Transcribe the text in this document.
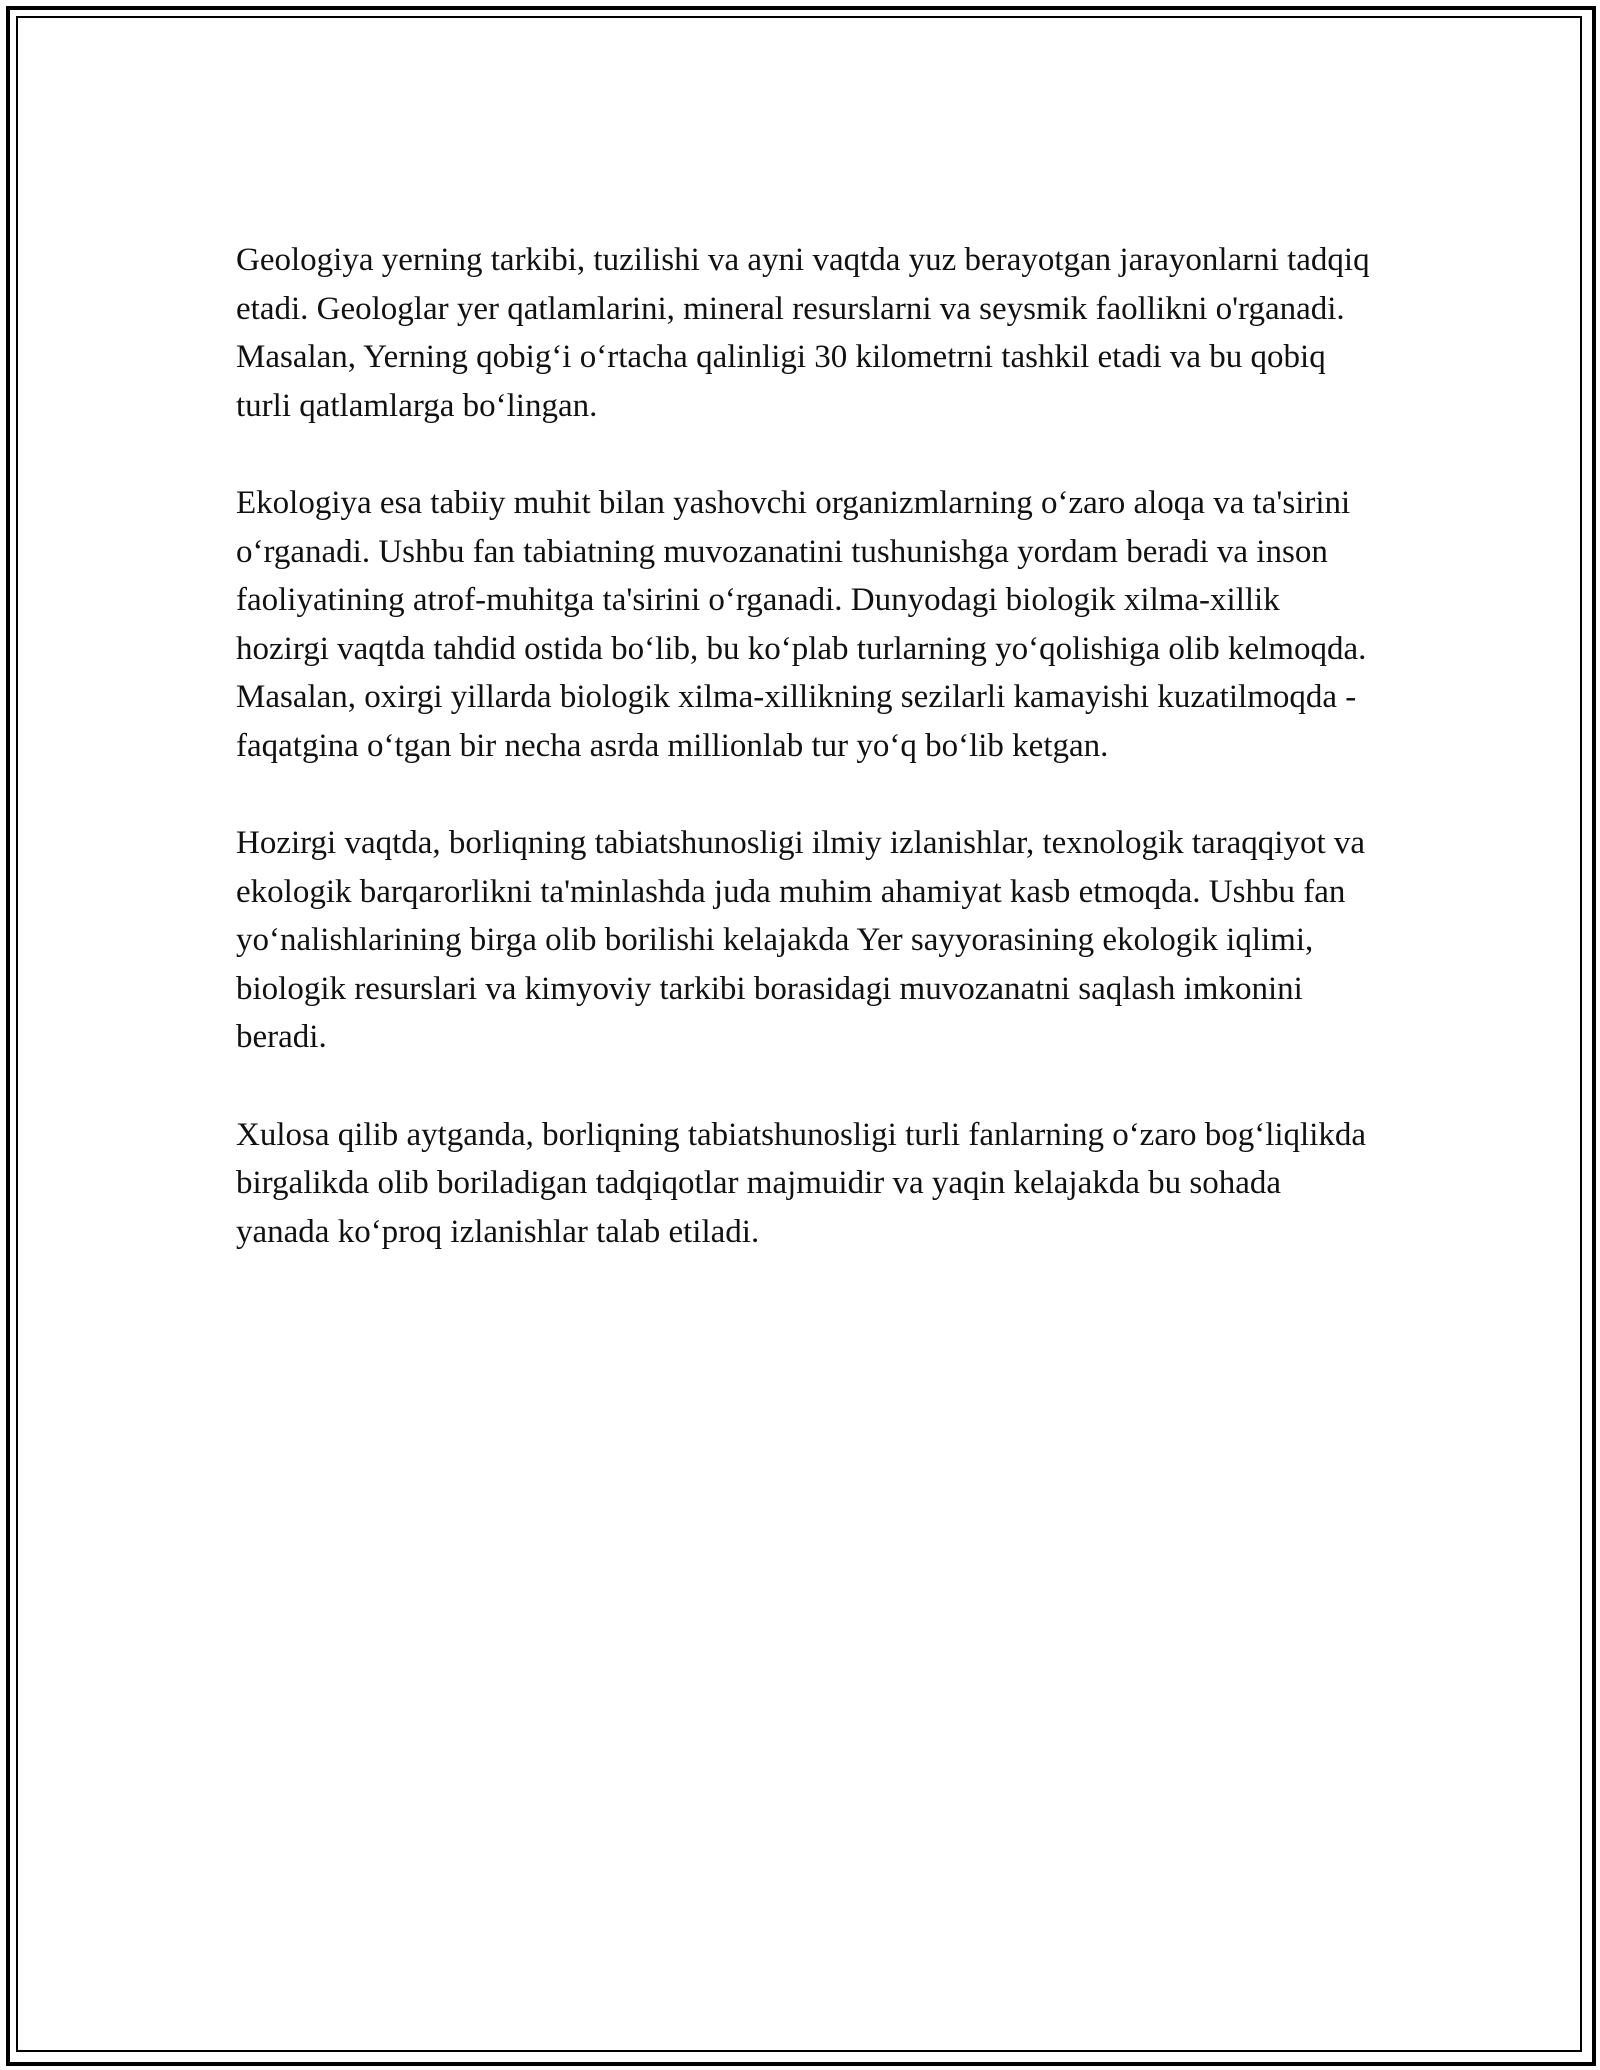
Geologiya yerning tarkibi, tuzilishi va ayni vaqtda yuz berayotgan jarayonlarni tadqiq etadi. Geologlar yer qatlamlarini, mineral resurslarni va seysmik faollikni o'rganadi. Masalan, Yerning qobig‘i o‘rtacha qalinligi 30 kilometrni tashkil etadi va bu qobiq turli qatlamlarga bo‘lingan.

Ekologiya esa tabiiy muhit bilan yashovchi organizmlarning o‘zaro aloqa va ta'sirini o‘rganadi. Ushbu fan tabiatning muvozanatini tushunishga yordam beradi va inson faoliyatining atrof-muhitga ta'sirini o‘rganadi. Dunyodagi biologik xilma-xillik hozirgi vaqtda tahdid ostida bo‘lib, bu ko‘plab turlarning yo‘qolishiga olib kelmoqda. Masalan, oxirgi yillarda biologik xilma-xillikning sezilarli kamayishi kuzatilmoqda - faqatgina o‘tgan bir necha asrda millionlab tur yo‘q bo‘lib ketgan.

Hozirgi vaqtda, borliqning tabiatshunosligi ilmiy izlanishlar, texnologik taraqqiyot va ekologik barqarorlikni ta'minlashda juda muhim ahamiyat kasb etmoqda. Ushbu fan yo‘nalishlarining birga olib borilishi kelajakda Yer sayyorasining ekologik iqlimi, biologik resurslari va kimyoviy tarkibi borasidagi muvozanatni saqlash imkonini beradi.

Xulosa qilib aytganda, borliqning tabiatshunosligi turli fanlarning o‘zaro bog‘liqlikda birgalikda olib boriladigan tadqiqotlar majmuidir va yaqin kelajakda bu sohada yanada ko‘proq izlanishlar talab etiladi.
